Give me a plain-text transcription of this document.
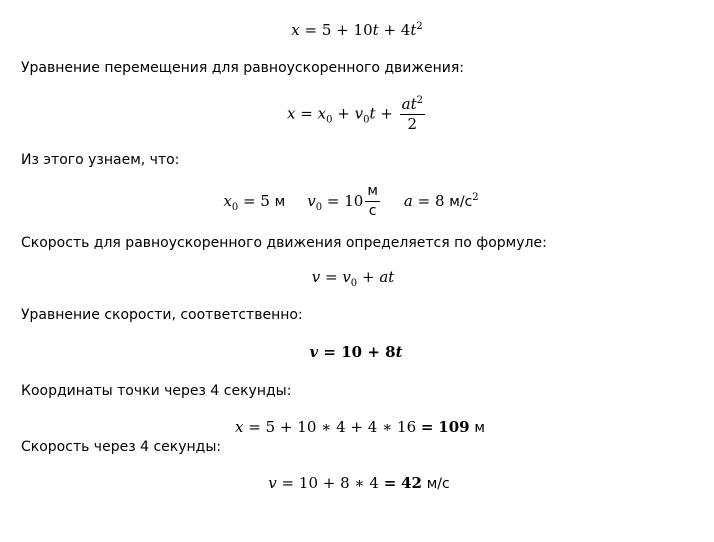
$x = 5 + 10t + 4t^2$
Уравнение перемещения для равноускоренного движения:
$x = x_0 + v_0t + \frac{at^2}{2}$
Из этого узнаем, что:
$x_0 = 5$ м $v_0 = 10 \frac{м}{с}$ a = 8 $м/с^2$
Скорость для равноускоренного движения определяется по формуле:
$v = v_0$ + at
Уравнение скорости, соответственно:
v = 10 + 8t
Координаты точки через 4 секунды:
x = 5 + 10 ∗ 4 + 4 ∗ 16 = 109 м
Скорость через 4 секунды:
v = 10 + 8 ∗ 4 = 42 м/с
